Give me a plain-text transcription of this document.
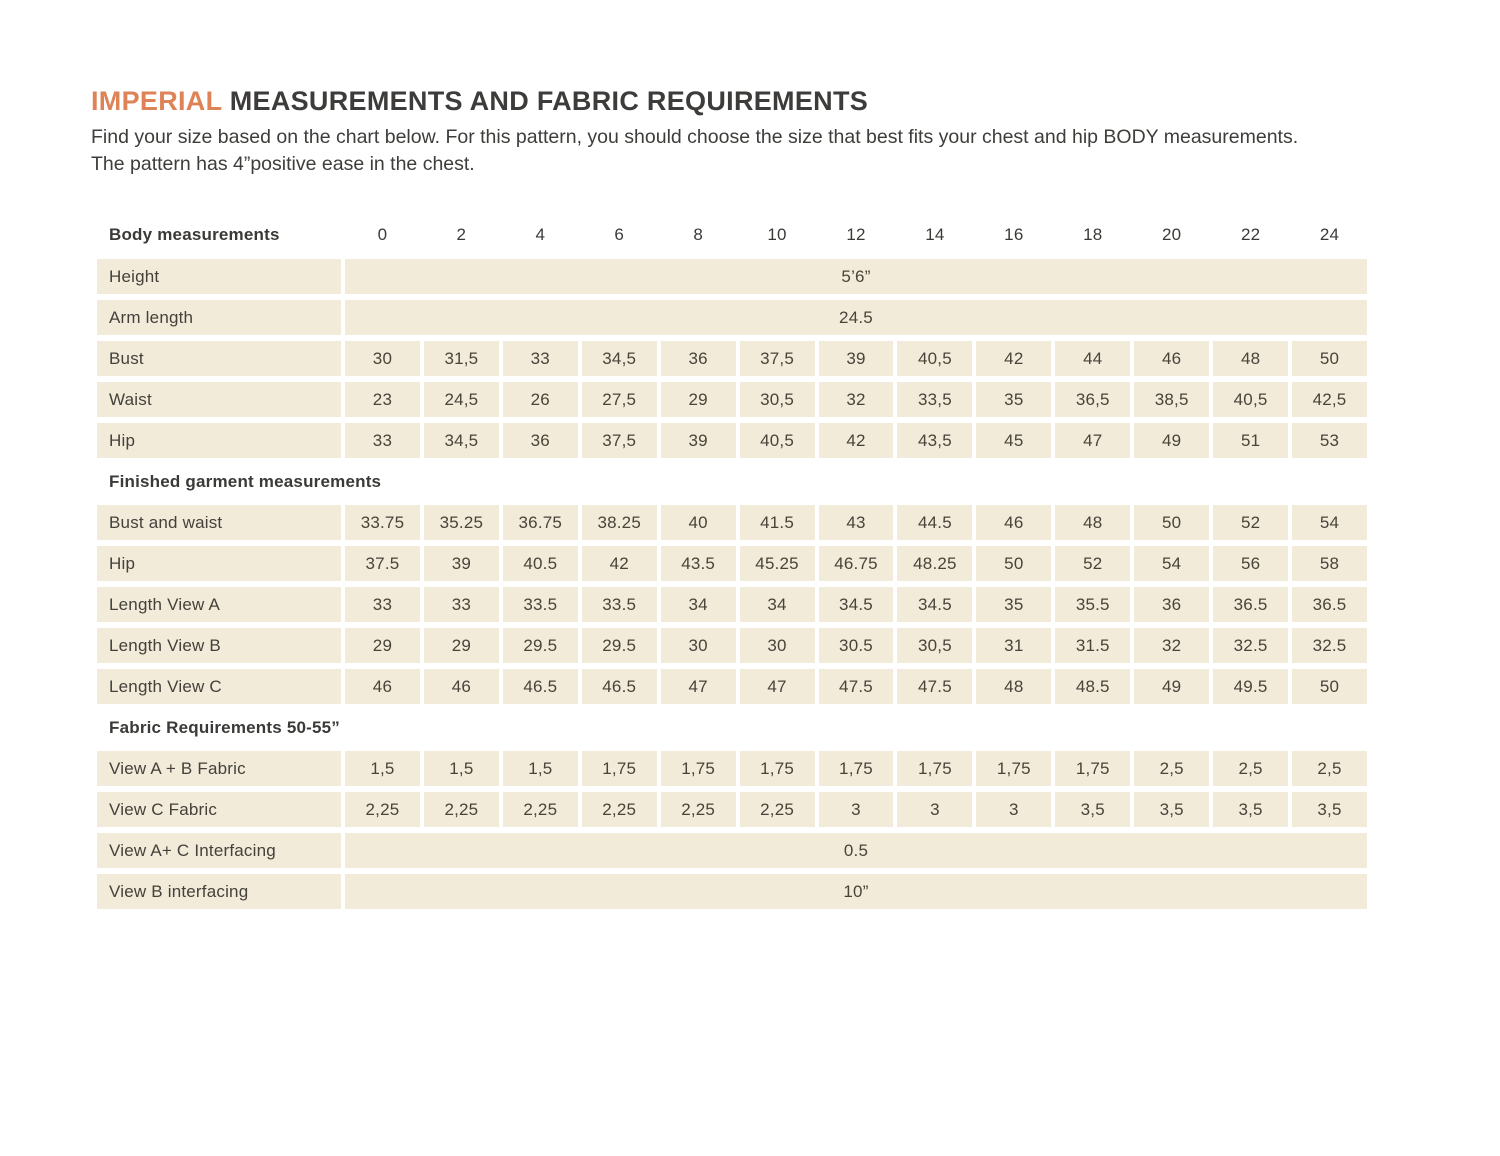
IMPERIAL MEASUREMENTS AND FABRIC REQUIREMENTS

Find your size based on the chart below. For this pattern, you should choose the size that best fits your chest and hip BODY measurements. The pattern has 4”positive ease in the chest.

Body measurements	0	2	4	6	8	10	12	14	16	18	20	22	24
Height	5’6”
Arm length	24.5
Bust	30	31,5	33	34,5	36	37,5	39	40,5	42	44	46	48	50
Waist	23	24,5	26	27,5	29	30,5	32	33,5	35	36,5	38,5	40,5	42,5
Hip	33	34,5	36	37,5	39	40,5	42	43,5	45	47	49	51	53
Finished garment measurements
Bust and waist	33.75	35.25	36.75	38.25	40	41.5	43	44.5	46	48	50	52	54
Hip	37.5	39	40.5	42	43.5	45.25	46.75	48.25	50	52	54	56	58
Length View A	33	33	33.5	33.5	34	34	34.5	34.5	35	35.5	36	36.5	36.5
Length View B	29	29	29.5	29.5	30	30	30.5	30,5	31	31.5	32	32.5	32.5
Length View C	46	46	46.5	46.5	47	47	47.5	47.5	48	48.5	49	49.5	50
Fabric Requirements 50-55”
View A + B Fabric	1,5	1,5	1,5	1,75	1,75	1,75	1,75	1,75	1,75	1,75	2,5	2,5	2,5
View C Fabric	2,25	2,25	2,25	2,25	2,25	2,25	3	3	3	3,5	3,5	3,5	3,5
View A+ C Interfacing	0.5
View B interfacing	10”
